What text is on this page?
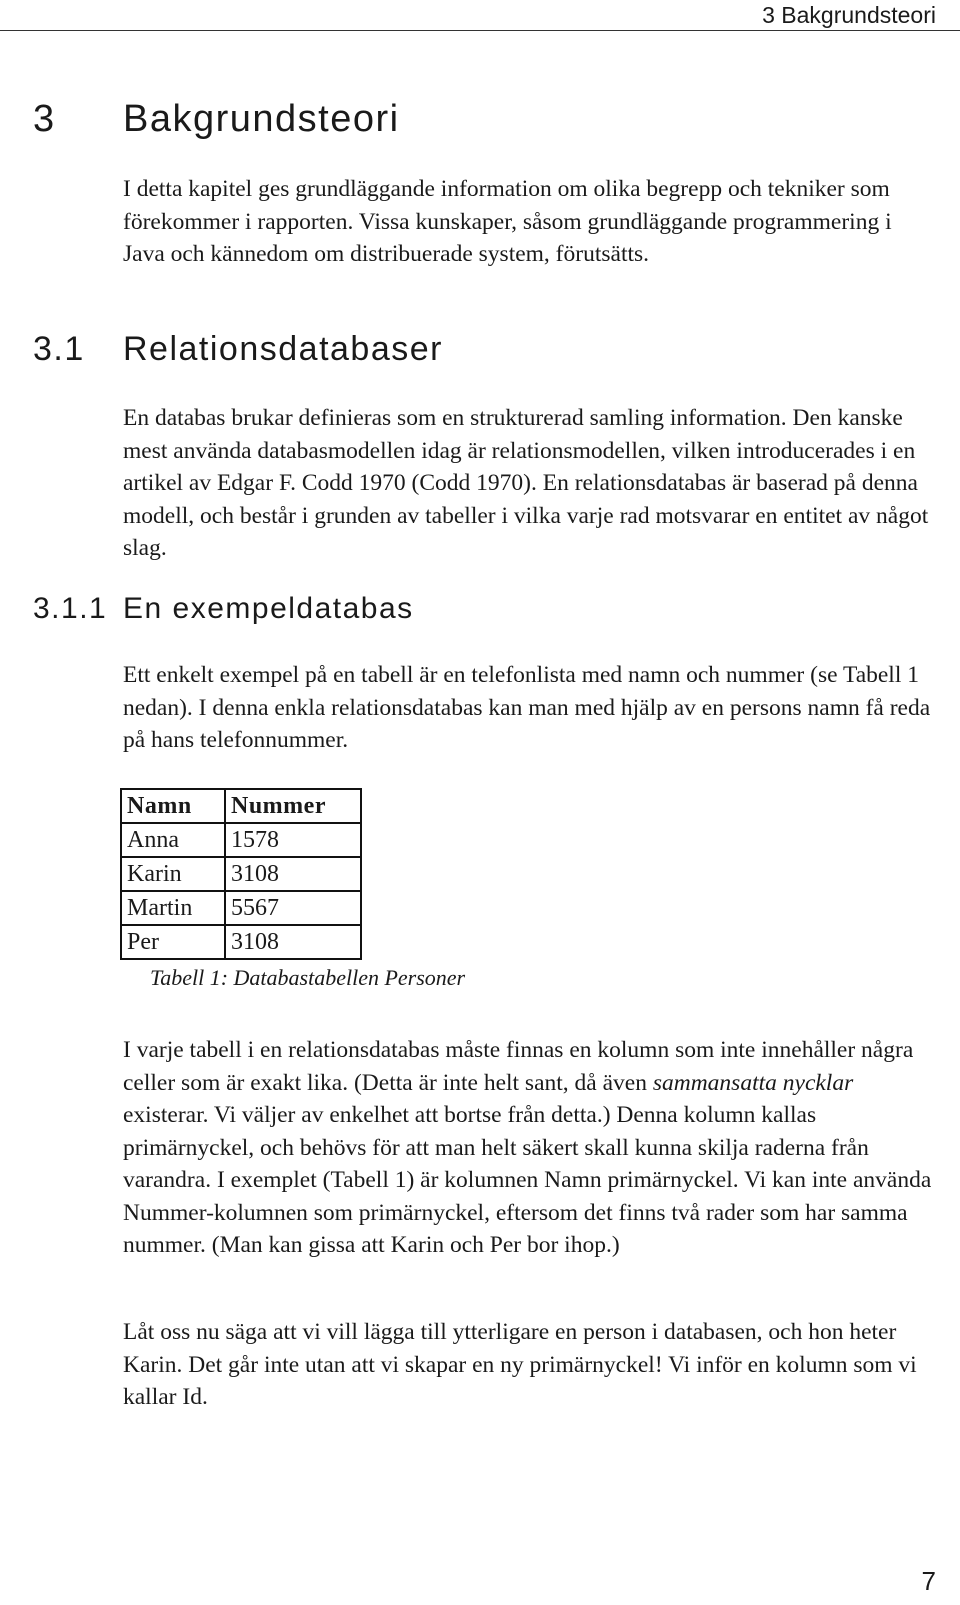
3 Bakgrundsteori
3 Bakgrundsteori

I detta kapitel ges grundläggande information om olika begrepp och tekniker som förekommer i rapporten. Vissa kunskaper, såsom grundläggande programmering i Java och kännedom om distribuerade system, förutsätts.

3.1 Relationsdatabaser

En databas brukar definieras som en strukturerad samling information. Den kanske mest använda databasmodellen idag är relationsmodellen, vilken introducerades i en artikel av Edgar F. Codd 1970 (Codd 1970). En relationsdatabas är baserad på denna modell, och består i grunden av tabeller i vilka varje rad motsvarar en entitet av något slag.

3.1.1 En exempeldatabas

Ett enkelt exempel på en tabell är en telefonlista med namn och nummer (se Tabell 1 nedan). I denna enkla relationsdatabas kan man med hjälp av en persons namn få reda på hans telefonnummer.

Namn	Nummer
Anna	1578
Karin	3108
Martin	5567
Per	3108
Tabell 1: Databastabellen Personer

I varje tabell i en relationsdatabas måste finnas en kolumn som inte innehåller några celler som är exakt lika. (Detta är inte helt sant, då även sammansatta nycklar existerar. Vi väljer av enkelhet att bortse från detta.) Denna kolumn kallas primärnyckel, och behövs för att man helt säkert skall kunna skilja raderna från varandra. I exemplet (Tabell 1) är kolumnen Namn primärnyckel. Vi kan inte använda Nummer-kolumnen som primärnyckel, eftersom det finns två rader som har samma nummer. (Man kan gissa att Karin och Per bor ihop.)

Låt oss nu säga att vi vill lägga till ytterligare en person i databasen, och hon heter Karin. Det går inte utan att vi skapar en ny primärnyckel! Vi inför en kolumn som vi kallar Id.

7
